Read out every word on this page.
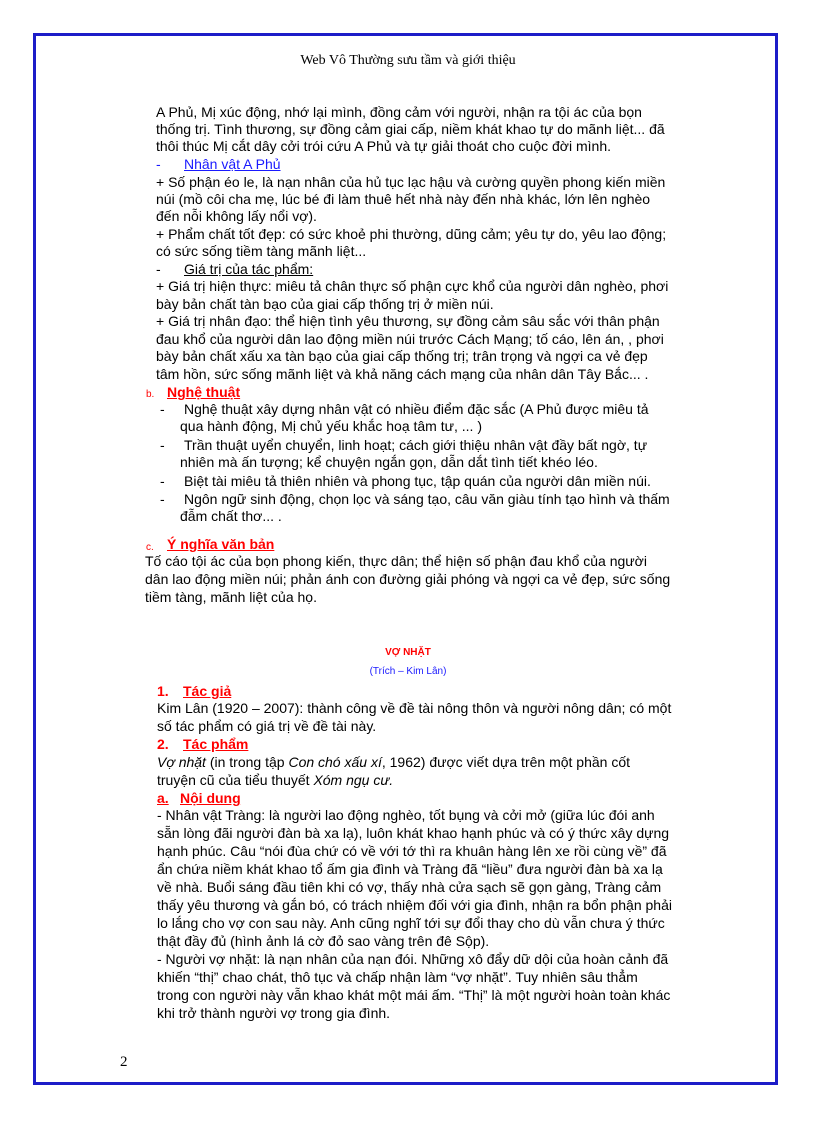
Web Vô Thường sưu tầm và giới thiệu
A Phủ, Mị xúc động, nhớ lại mình, đồng cảm với người, nhận ra tội ác của bọn
thống trị. Tình thương, sự đồng cảm giai cấp, niềm khát khao tự do mãnh liệt... đã
thôi thúc Mị cắt dây cởi trói cứu A Phủ và tự giải thoát cho cuộc đời mình.
- Nhân vật A Phủ
+ Số phận éo le, là nạn nhân của hủ tục lạc hậu và cường quyền phong kiến miền
núi (mồ côi cha mẹ, lúc bé đi làm thuê hết nhà này đến nhà khác, lớn lên nghèo
đến nỗi không lấy nổi vợ).
+ Phẩm chất tốt đẹp: có sức khoẻ phi thường, dũng cảm; yêu tự do, yêu lao động;
có sức sống tiềm tàng mãnh liệt...
- Giá trị của tác phẩm:
+ Giá trị hiện thực: miêu tả chân thực số phận cực khổ của người dân nghèo, phơi
bày bản chất tàn bạo của giai cấp thống trị ở miền núi.
+ Giá trị nhân đạo: thể hiện tình yêu thương, sự đồng cảm sâu sắc với thân phận
đau khổ của người dân lao động miền núi trước Cách Mạng; tố cáo, lên án, , phơi
bày bản chất xấu xa tàn bạo của giai cấp thống trị; trân trọng và ngợi ca vẻ đẹp
tâm hồn, sức sống mãnh liệt và khả năng cách mạng của nhân dân Tây Bắc... .
b. Nghệ thuật
- Nghệ thuật xây dựng nhân vật có nhiều điểm đặc sắc (A Phủ được miêu tả
qua hành động, Mị chủ yếu khắc hoạ tâm tư, ... )
- Trần thuật uyển chuyển, linh hoạt; cách giới thiệu nhân vật đầy bất ngờ, tự
nhiên mà ấn tượng; kể chuyện ngắn gọn, dẫn dắt tình tiết khéo léo.
- Biệt tài miêu tả thiên nhiên và phong tục, tập quán của người dân miền núi.
- Ngôn ngữ sinh động, chọn lọc và sáng tạo, câu văn giàu tính tạo hình và thấm
đẫm chất thơ... .
c. Ý nghĩa văn bản
Tố cáo tội ác của bọn phong kiến, thực dân; thể hiện số phận đau khổ của người
dân lao động miền núi; phản ánh con đường giải phóng và ngợi ca vẻ đẹp, sức sống
tiềm tàng, mãnh liệt của họ.
VỢ NHẶT
(Trích – Kim Lân)
1. Tác giả
Kim Lân (1920 – 2007): thành công về đề tài nông thôn và người nông dân; có một
số tác phẩm có giá trị về đề tài này.
2. Tác phẩm
Vợ nhặt (in trong tập Con chó xấu xí, 1962) được viết dựa trên một phần cốt
truyện cũ của tiểu thuyết Xóm ngụ cư.
a. Nội dung
- Nhân vật Tràng: là người lao động nghèo, tốt bụng và cởi mở (giữa lúc đói anh
sẵn lòng đãi người đàn bà xa lạ), luôn khát khao hạnh phúc và có ý thức xây dựng
hạnh phúc. Câu “nói đùa chứ có về với tớ thì ra khuân hàng lên xe rồi cùng về” đã
ẩn chứa niềm khát khao tổ ấm gia đình và Tràng đã “liều” đưa người đàn bà xa lạ
về nhà. Buổi sáng đầu tiên khi có vợ, thấy nhà cửa sạch sẽ gọn gàng, Tràng cảm
thấy yêu thương và gắn bó, có trách nhiệm đối với gia đình, nhận ra bổn phận phải
lo lắng cho vợ con sau này. Anh cũng nghĩ tới sự đổi thay cho dù vẫn chưa ý thức
thật đầy đủ (hình ảnh lá cờ đỏ sao vàng trên đê Sộp).
- Người vợ nhặt: là nạn nhân của nạn đói. Những xô đẩy dữ dội của hoàn cảnh đã
khiến “thị” chao chát, thô tục và chấp nhận làm “vợ nhặt”. Tuy nhiên sâu thẳm
trong con người này vẫn khao khát một mái ấm. “Thị” là một người hoàn toàn khác
khi trở thành người vợ trong gia đình.
2
